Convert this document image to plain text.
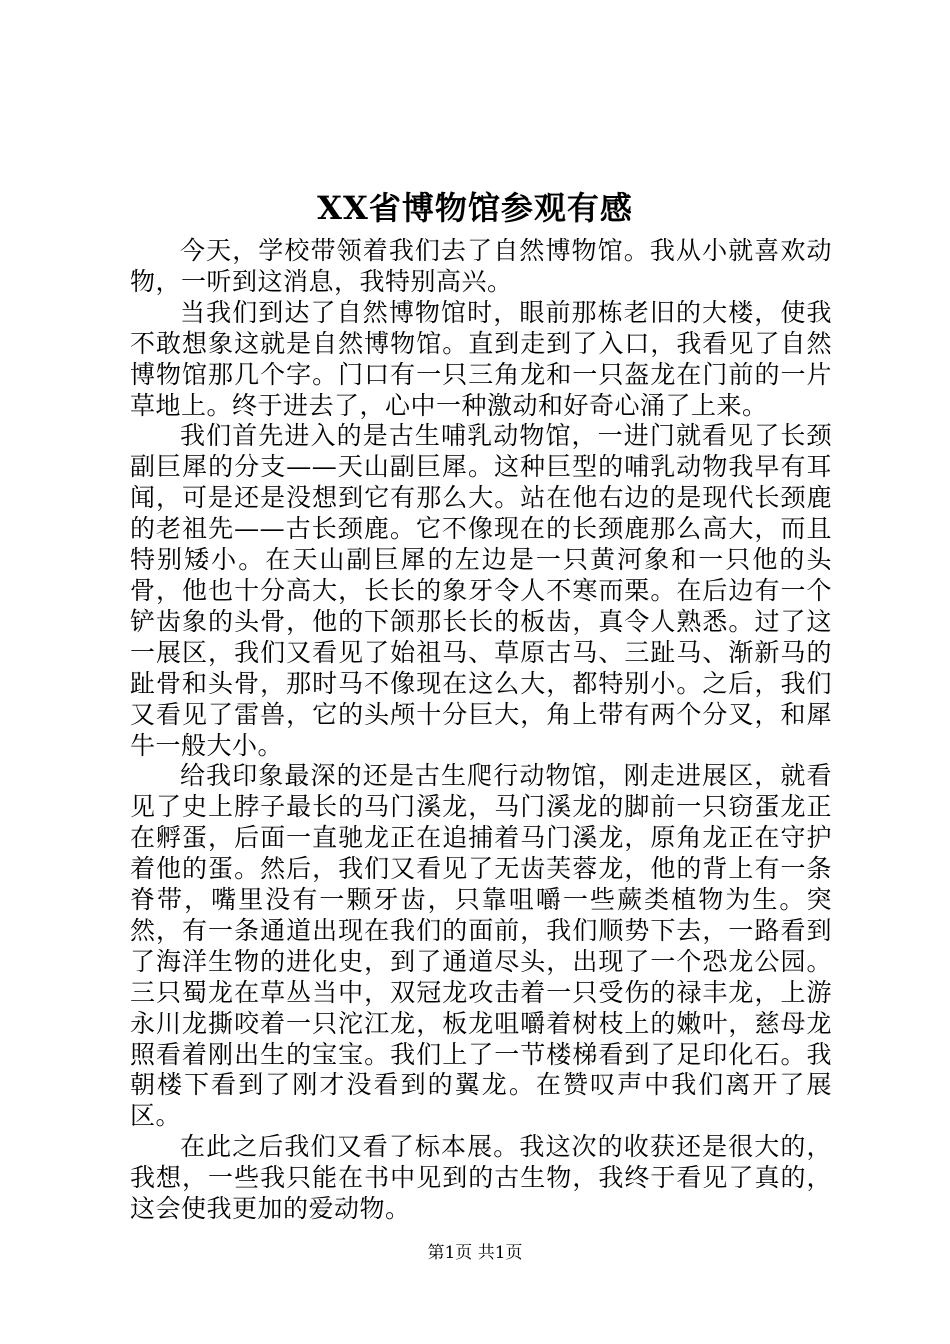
XX省博物馆参观有感

今天，学校带领着我们去了自然博物馆。我从小就喜欢动物，一听到这消息，我特别高兴。

当我们到达了自然博物馆时，眼前那栋老旧的大楼，使我不敢想象这就是自然博物馆。直到走到了入口，我看见了自然博物馆那几个字。门口有一只三角龙和一只盔龙在门前的一片草地上。终于进去了，心中一种激动和好奇心涌了上来。

我们首先进入的是古生哺乳动物馆，一进门就看见了长颈副巨犀的分支——天山副巨犀。这种巨型的哺乳动物我早有耳闻，可是还是没想到它有那么大。站在他右边的是现代长颈鹿的老祖先——古长颈鹿。它不像现在的长颈鹿那么高大，而且特别矮小。在天山副巨犀的左边是一只黄河象和一只他的头骨，他也十分高大，长长的象牙令人不寒而栗。在后边有一个铲齿象的头骨，他的下颌那长长的板齿，真令人熟悉。过了这一展区，我们又看见了始祖马、草原古马、三趾马、渐新马的趾骨和头骨，那时马不像现在这么大，都特别小。之后，我们又看见了雷兽，它的头颅十分巨大，角上带有两个分叉，和犀牛一般大小。

给我印象最深的还是古生爬行动物馆，刚走进展区，就看见了史上脖子最长的马门溪龙，马门溪龙的脚前一只窃蛋龙正在孵蛋，后面一直驰龙正在追捕着马门溪龙，原角龙正在守护着他的蛋。然后，我们又看见了无齿芙蓉龙，他的背上有一条脊带，嘴里没有一颗牙齿，只靠咀嚼一些蕨类植物为生。突然，有一条通道出现在我们的面前，我们顺势下去，一路看到了海洋生物的进化史，到了通道尽头，出现了一个恐龙公园。三只蜀龙在草丛当中，双冠龙攻击着一只受伤的禄丰龙，上游永川龙撕咬着一只沱江龙，板龙咀嚼着树枝上的嫩叶，慈母龙照看着刚出生的宝宝。我们上了一节楼梯看到了足印化石。我朝楼下看到了刚才没看到的翼龙。在赞叹声中我们离开了展区。

在此之后我们又看了标本展。我这次的收获还是很大的，我想，一些我只能在书中见到的古生物，我终于看见了真的，这会使我更加的爱动物。

第1页 共1页
